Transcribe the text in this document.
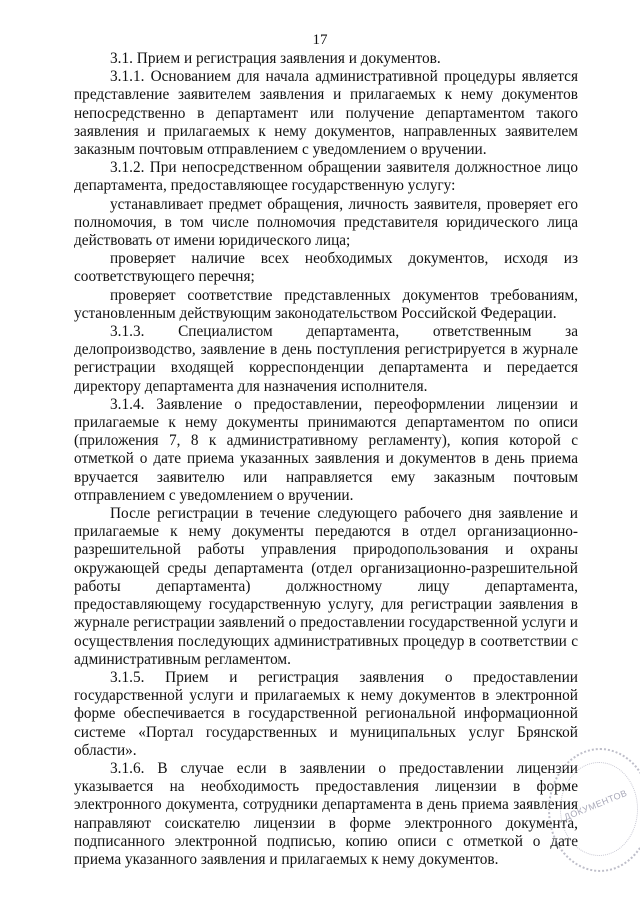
17

3.1. Прием и регистрация заявления и документов.

3.1.1. Основанием для начала административной процедуры является представление заявителем заявления и прилагаемых к нему документов непосредственно в департамент или получение департаментом такого заявления и прилагаемых к нему документов, направленных заявителем заказным почтовым отправлением с уведомлением о вручении.

3.1.2. При непосредственном обращении заявителя должностное лицо департамента, предоставляющее государственную услугу:

устанавливает предмет обращения, личность заявителя, проверяет его полномочия, в том числе полномочия представителя юридического лица действовать от имени юридического лица;

проверяет наличие всех необходимых документов, исходя из соответствующего перечня;

проверяет соответствие представленных документов требованиям, установленным действующим законодательством Российской Федерации.

3.1.3. Специалистом департамента, ответственным за делопроизводство, заявление в день поступления регистрируется в журнале регистрации входящей корреспонденции департамента и передается директору департамента для назначения исполнителя.

3.1.4. Заявление о предоставлении, переоформлении лицензии и прилагаемые к нему документы принимаются департаментом по описи (приложения 7, 8 к административному регламенту), копия которой с отметкой о дате приема указанных заявления и документов в день приема вручается заявителю или направляется ему заказным почтовым отправлением с уведомлением о вручении.

После регистрации в течение следующего рабочего дня заявление и прилагаемые к нему документы передаются в отдел организационно-разрешительной работы управления природопользования и охраны окружающей среды департамента (отдел организационно-разрешительной работы департамента) должностному лицу департамента, предоставляющему государственную услугу, для регистрации заявления в журнале регистрации заявлений о предоставлении государственной услуги и осуществления последующих административных процедур в соответствии с административным регламентом.

3.1.5. Прием и регистрация заявления о предоставлении государственной услуги и прилагаемых к нему документов в электронной форме обеспечивается в государственной региональной информационной системе «Портал государственных и муниципальных услуг Брянской области».

3.1.6. В случае если в заявлении о предоставлении лицензии указывается на необходимость предоставления лицензии в форме электронного документа, сотрудники департамента в день приема заявления направляют соискателю лицензии в форме электронного документа, подписанного электронной подписью, копию описи с отметкой о дате приема указанного заявления и прилагаемых к нему документов.

ДОКУМЕНТОВ
